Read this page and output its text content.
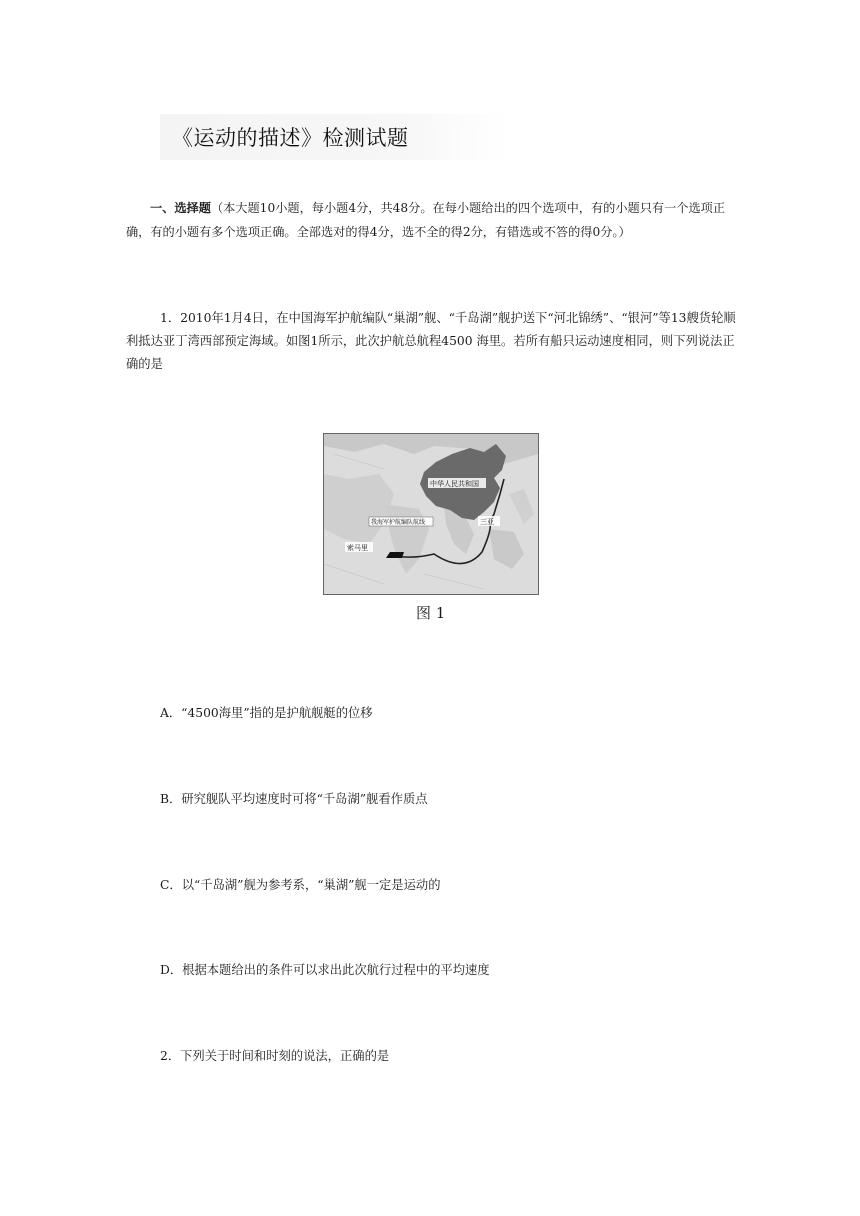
《运动的描述》检测试题
一、选择题（本大题10小题，每小题4分，共48分。在每小题给出的四个选项中，有的小题只有一个选项正确，有的小题有多个选项正确。全部选对的得4分，选不全的得2分，有错选或不答的得0分。）
1．2010年1月4日，在中国海军护航编队“巢湖”舰、“千岛湖”舰护送下“河北锦绣”、“银河”等13艘货轮顺利抵达亚丁湾西部预定海域。如图1所示，此次护航总航程4500 海里。若所有船只运动速度相同，则下列说法正确的是
中华人民共和国
三亚
我海军护航编队航线
索马里
图 1
A．“4500海里”指的是护航舰艇的位移
B．研究舰队平均速度时可将“千岛湖”舰看作质点
C．以“千岛湖”舰为参考系，“巢湖”舰一定是运动的
D．根据本题给出的条件可以求出此次航行过程中的平均速度
2．下列关于时间和时刻的说法，正确的是
